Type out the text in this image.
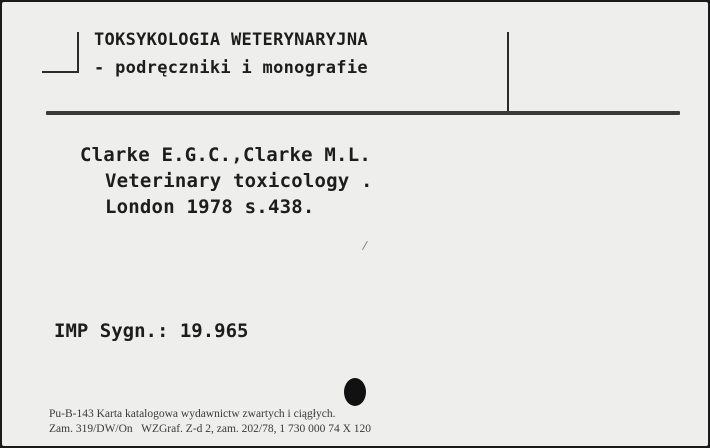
TOKSYKOLOGIA WETERYNARYJNA
- podręczniki i monografie
Clarke E.G.C.,Clarke M.L.
Veterinary toxicology .
London 1978 s.438.
IMP Sygn.: 19.965
Pu-B-143 Karta katalogowa wydawnictw zwartych i ciągłych.
Zam. 319/DW/On   WZGraf. Z-d 2, zam. 202/78, 1 730 000 74 X 120
